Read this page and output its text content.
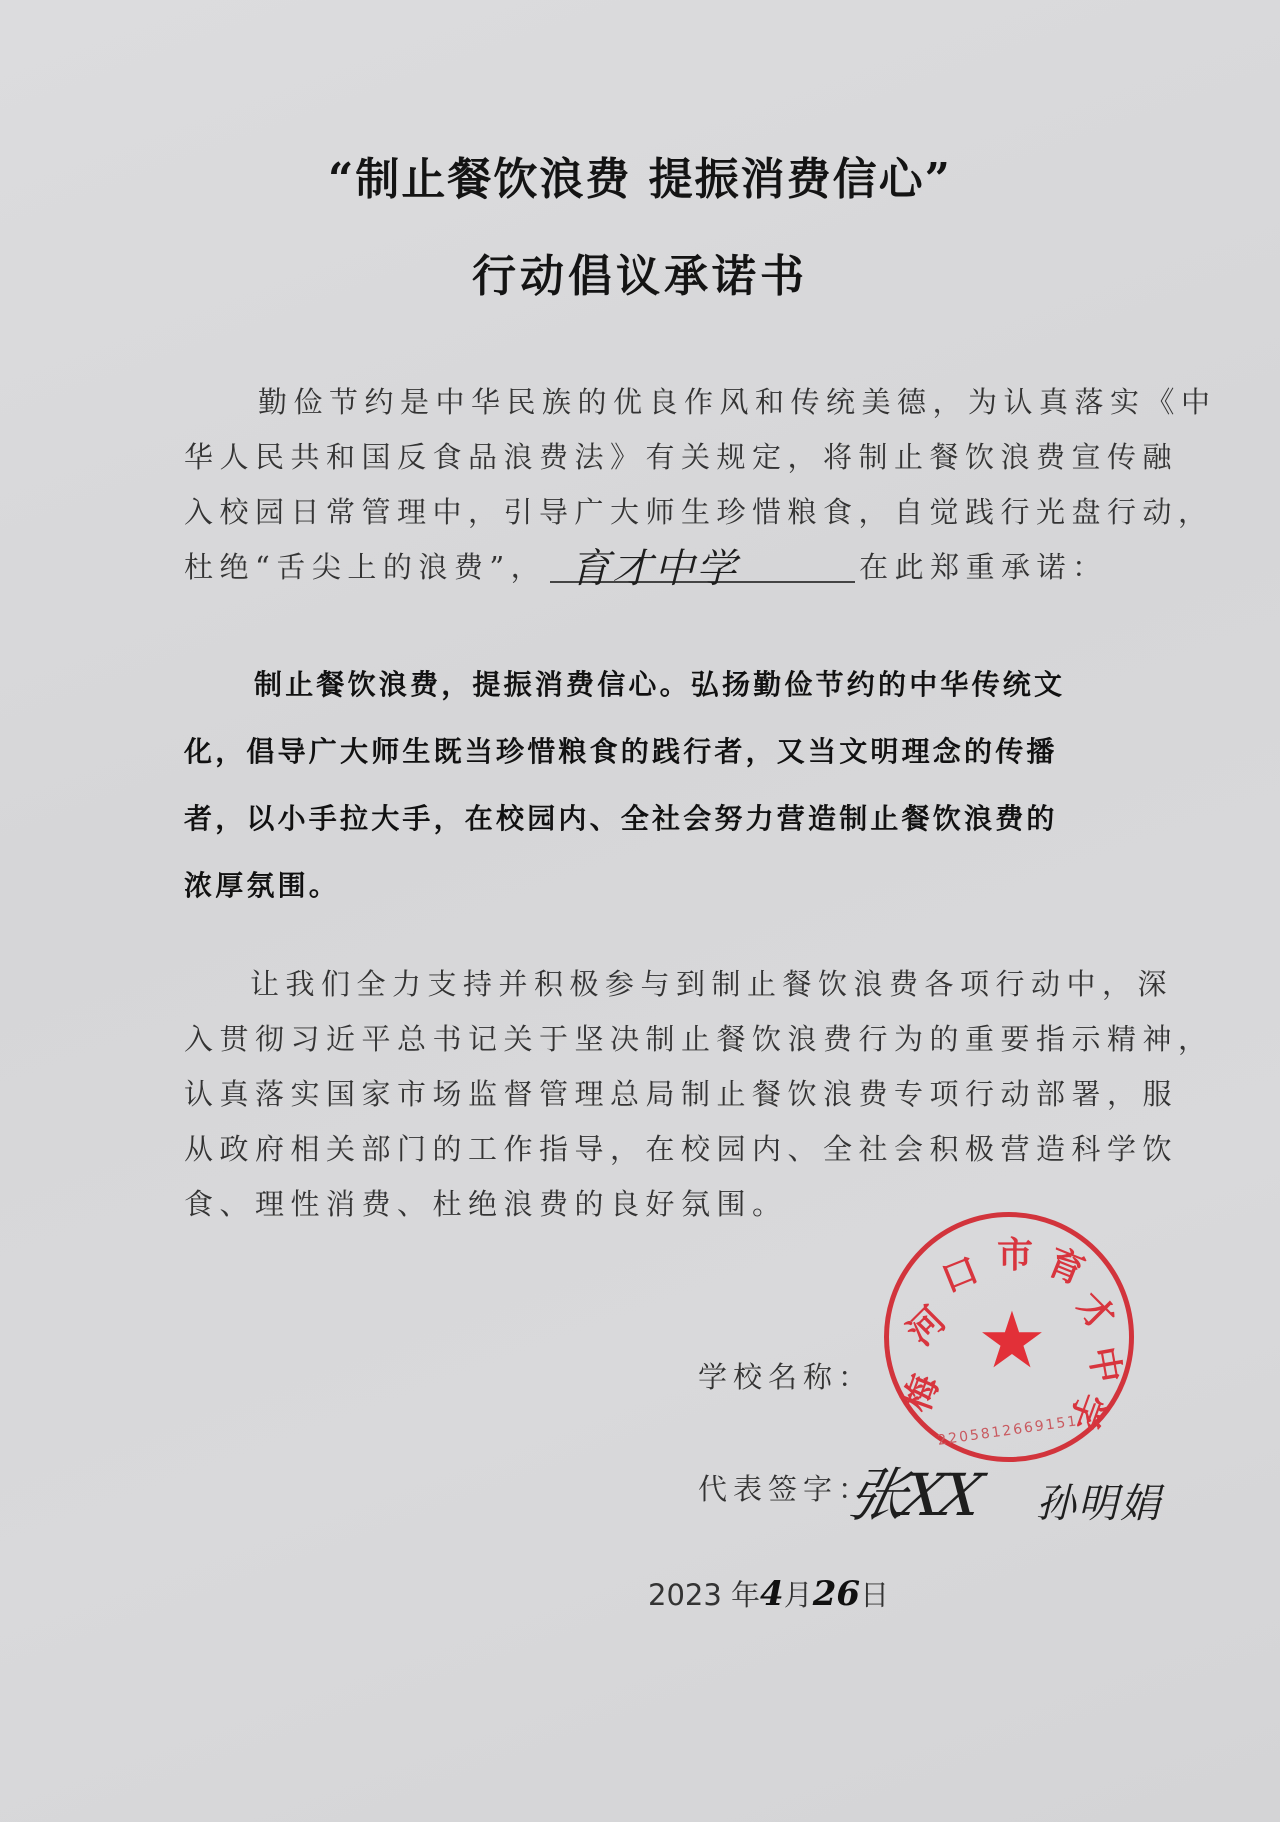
“制止餐饮浪费 提振消费信心”
行动倡议承诺书
勤俭节约是中华民族的优良作风和传统美德，为认真落实《中
华人民共和国反食品浪费法》有关规定，将制止餐饮浪费宣传融
入校园日常管理中，引导广大师生珍惜粮食，自觉践行光盘行动，
杜绝“舌尖上的浪费”， 育才中学	在此郑重承诺：
制止餐饮浪费，提振消费信心。弘扬勤俭节约的中华传统文
化，倡导广大师生既当珍惜粮食的践行者，又当文明理念的传播
者，以小手拉大手，在校园内、全社会努力营造制止餐饮浪费的
浓厚氛围。
让我们全力支持并积极参与到制止餐饮浪费各项行动中，深
入贯彻习近平总书记关于坚决制止餐饮浪费行为的重要指示精神，
认真落实国家市场监督管理总局制止餐饮浪费专项行动部署，服
从政府相关部门的工作指导，在校园内、全社会积极营造科学饮
食、理性消费、杜绝浪费的良好氛围。
★
梅
河
口 市 育
才
中
学
2205812669151
学校名称：
代表签字：
张XX 孙明娟
2023 年4月26日
